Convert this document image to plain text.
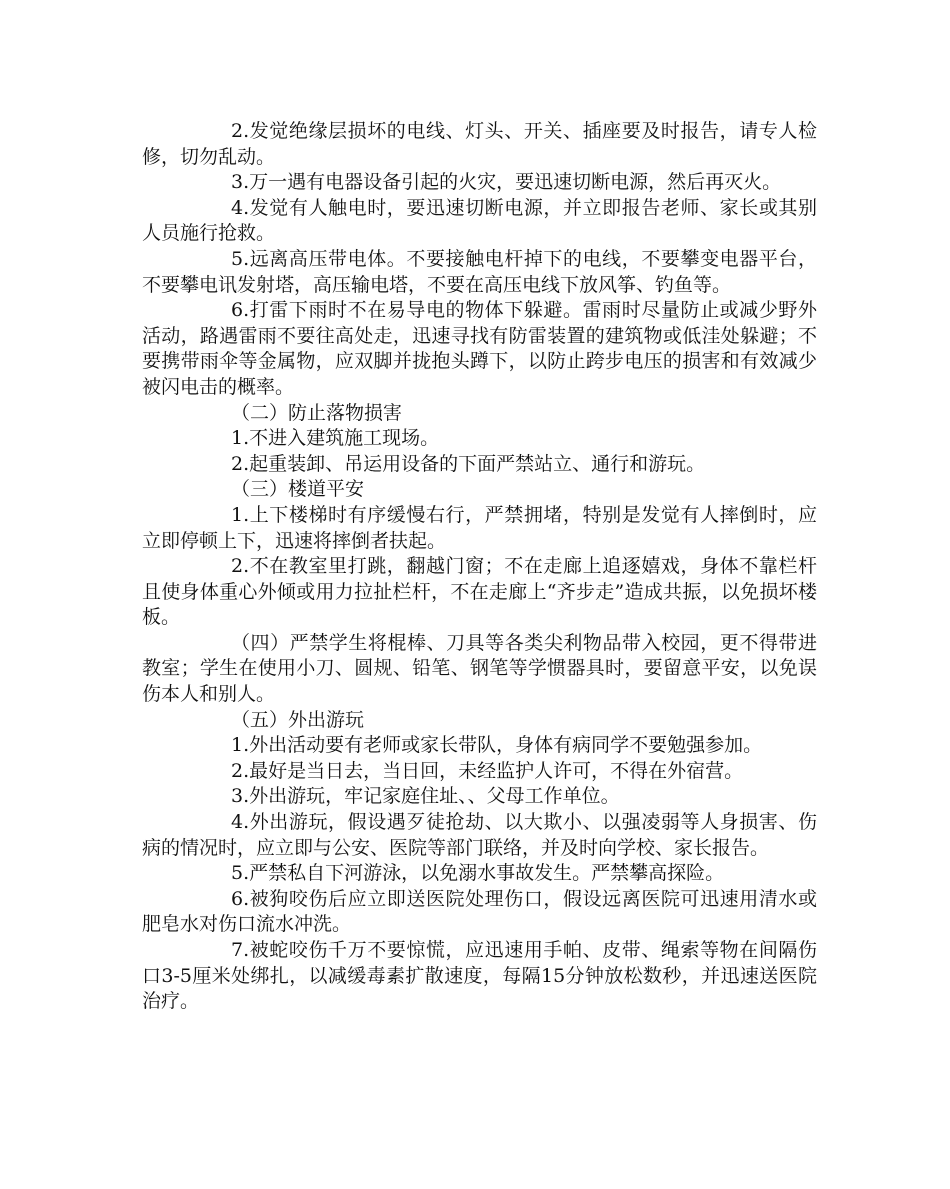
2.发觉绝缘层损坏的电线、灯头、开关、插座要及时报告，请专人检修，切勿乱动。

3.万一遇有电器设备引起的火灾，要迅速切断电源，然后再灭火。

4.发觉有人触电时，要迅速切断电源，并立即报告老师、家长或其别人员施行抢救。

5.远离高压带电体。不要接触电杆掉下的电线，不要攀变电器平台，不要攀电讯发射塔，高压输电塔，不要在高压电线下放风筝、钓鱼等。

6.打雷下雨时不在易导电的物体下躲避。雷雨时尽量防止或减少野外活动，路遇雷雨不要往高处走，迅速寻找有防雷装置的建筑物或低洼处躲避；不要携带雨伞等金属物，应双脚并拢抱头蹲下，以防止跨步电压的损害和有效减少被闪电击的概率。

（二）防止落物损害

1.不进入建筑施工现场。

2.起重装卸、吊运用设备的下面严禁站立、通行和游玩。

（三）楼道平安

1.上下楼梯时有序缓慢右行，严禁拥堵，特别是发觉有人摔倒时，应立即停顿上下，迅速将摔倒者扶起。

2.不在教室里打跳，翻越门窗；不在走廊上追逐嬉戏，身体不靠栏杆且使身体重心外倾或用力拉扯栏杆，不在走廊上“齐步走”造成共振，以免损坏楼板。

（四）严禁学生将棍棒、刀具等各类尖利物品带入校园，更不得带进教室；学生在使用小刀、圆规、铅笔、钢笔等学惯器具时，要留意平安，以免误伤本人和别人。

（五）外出游玩

1.外出活动要有老师或家长带队，身体有病同学不要勉强参加。

2.最好是当日去，当日回，未经监护人许可，不得在外宿营。

3.外出游玩，牢记家庭住址、、父母工作单位。

4.外出游玩，假设遇歹徒抢劫、以大欺小、以强凌弱等人身损害、伤病的情况时，应立即与公安、医院等部门联络，并及时向学校、家长报告。

5.严禁私自下河游泳，以免溺水事故发生。严禁攀高探险。

6.被狗咬伤后应立即送医院处理伤口，假设远离医院可迅速用清水或肥皂水对伤口流水冲洗。

7.被蛇咬伤千万不要惊慌，应迅速用手帕、皮带、绳索等物在间隔伤口3-5厘米处绑扎，以减缓毒素扩散速度，每隔15分钟放松数秒，并迅速送医院治疗。
